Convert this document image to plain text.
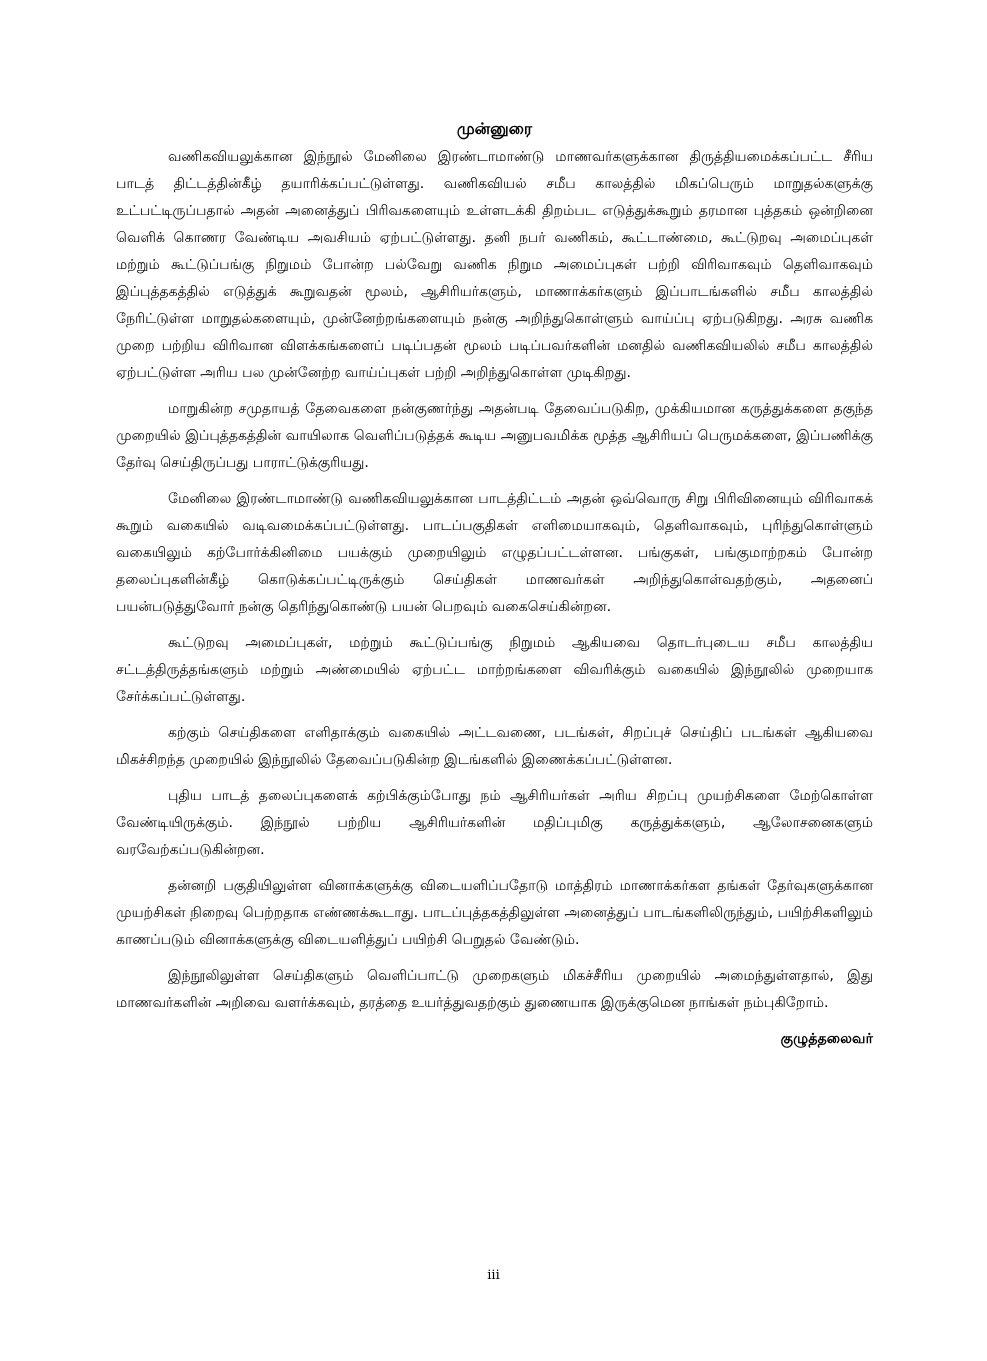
முன்னுரை

வணிகவியலுக்கான இந்நூல் மேனிலை இரண்டாமாண்டு மாணவர்களுக்கான திருத்தியமைக்கப்பட்ட சீரிய பாடத் திட்டத்தின்கீழ் தயாரிக்கப்பட்டுள்ளது. வணிகவியல் சமீப காலத்தில் மிகப்பெரும் மாறுதல்களுக்கு உட்பட்டிருப்பதால் அதன் அனைத்துப் பிரிவகளையும் உள்ளடக்கி திறம்பட எடுத்துக்கூறும் தரமான புத்தகம் ஒன்றினை வெளிக் கொணர வேண்டிய அவசியம் ஏற்பட்டுள்ளது. தனி நபர் வணிகம், கூட்டாண்மை, கூட்டுறவு அமைப்புகள் மற்றும் கூட்டுப்பங்கு நிறுமம் போன்ற பல்வேறு வணிக நிறும அமைப்புகள் பற்றி விரிவாகவும் தெளிவாகவும் இப்புத்தகத்தில் எடுத்துக் கூறுவதன் மூலம், ஆசிரியர்களும், மாணாக்கர்களும் இப்பாடங்களில் சமீப காலத்தில் நேரிட்டுள்ள மாறுதல்களையும், முன்னேற்றங்களையும் நன்கு அறிந்துகொள்ளும் வாய்ப்பு ஏற்படுகிறது. அரசு வணிக முறை பற்றிய விரிவான விளக்கங்களைப் படிப்பதன் மூலம் படிப்பவர்களின் மனதில் வணிகவியலில் சமீப காலத்தில் ஏற்பட்டுள்ள அரிய பல முன்னேற்ற வாய்ப்புகள் பற்றி அறிந்துகொள்ள முடிகிறது.

மாறுகின்ற சமுதாயத் தேவைகளை நன்குணர்ந்து அதன்படி தேவைப்படுகிற, முக்கியமான கருத்துக்களை தகுந்த முறையில் இப்புத்தகத்தின் வாயிலாக வெளிப்படுத்தக் கூடிய அனுபவமிக்க மூத்த ஆசிரியப் பெருமக்களை, இப்பணிக்கு தேர்வு செய்திருப்பது பாராட்டுக்குரியது.

மேனிலை இரண்டாமாண்டு வணிகவியலுக்கான பாடத்திட்டம் அதன் ஒவ்வொரு சிறு பிரிவினையும் விரிவாகக் கூறும் வகையில் வடிவமைக்கப்பட்டுள்ளது. பாடப்பகுதிகள் எளிமையாகவும், தெளிவாகவும், புரிந்துகொள்ளும் வகையிலும் கற்போர்க்கினிமை பயக்கும் முறையிலும் எழுதப்பட்டள்ளன. பங்குகள், பங்குமாற்றகம் போன்ற தலைப்புகளின்கீழ் கொடுக்கப்பட்டிருக்கும் செய்திகள் மாணவர்கள் அறிந்துகொள்வதற்கும், அதனைப் பயன்படுத்துவோர் நன்கு தெரிந்துகொண்டு பயன் பெறவும் வகைசெய்கின்றன.

கூட்டுறவு அமைப்புகள், மற்றும் கூட்டுப்பங்கு நிறுமம் ஆகியவை தொடர்புடைய சமீப காலத்திய சட்டத்திருத்தங்களும் மற்றும் அண்மையில் ஏற்பட்ட மாற்றங்களை விவரிக்கும் வகையில் இந்நூலில் முறையாக சேர்க்கப்பட்டுள்ளது.

கற்கும் செய்திகளை எளிதாக்கும் வகையில் அட்டவணை, படங்கள், சிறப்புச் செய்திப் படங்கள் ஆகியவை மிகச்சிறந்த முறையில் இந்நூலில் தேவைப்படுகின்ற இடங்களில் இணைக்கப்பட்டுள்ளன.

புதிய பாடத் தலைப்புகளைக் கற்பிக்கும்போது நம் ஆசிரியர்கள் அரிய சிறப்பு முயற்சிகளை மேற்கொள்ள வேண்டியிருக்கும். இந்நூல் பற்றிய ஆசிரியர்களின் மதிப்புமிகு கருத்துக்களும், ஆலோசனைகளும் வரவேற்கப்படுகின்றன.

தன்னறி பகுதியிலுள்ள வினாக்களுக்கு விடையளிப்பதோடு மாத்திரம் மாணாக்கர்கள தங்கள் தேர்வுகளுக்கான முயற்சிகள் நிறைவு பெற்றதாக எண்ணக்கூடாது. பாடப்புத்தகத்திலுள்ள அனைத்துப் பாடங்களிலிருந்தும், பயிற்சிகளிலும் காணப்படும் வினாக்களுக்கு விடையளித்துப் பயிற்சி பெறுதல் வேண்டும்.

இந்நூலிலுள்ள செய்திகளும் வெளிப்பாட்டு முறைகளும் மிகச்சீரிய முறையில் அமைந்துள்ளதால், இது மாணவர்களின் அறிவை வளர்க்கவும், தரத்தை உயர்த்துவதற்கும் துணையாக இருக்குமென நாங்கள் நம்புகிறோம்.

குழுத்தலைவர்
iii
